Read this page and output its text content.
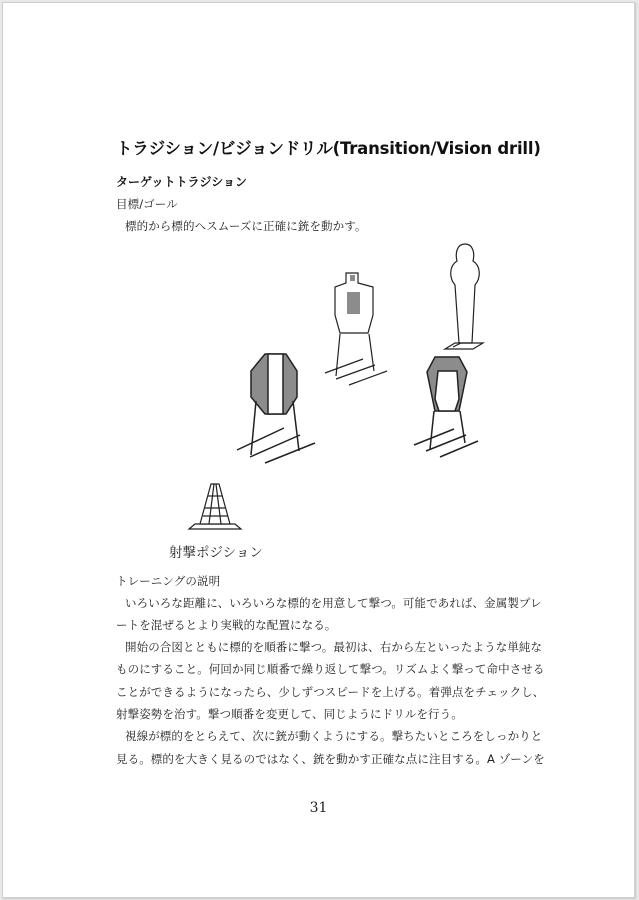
トラジション/ビジョンドリル(Transition/Vision drill)
ターゲットトラジション
目標/ゴール
標的から標的へスムーズに正確に銃を動かす。
射撃ポジション
トレーニングの説明
いろいろな距離に、いろいろな標的を用意して撃つ。可能であれば、金属製プレ
ートを混ぜるとより実戦的な配置になる。
開始の合図とともに標的を順番に撃つ。最初は、右から左といったような単純な
ものにすること。何回か同じ順番で繰り返して撃つ。リズムよく撃って命中させる
ことができるようになったら、少しずつスピードを上げる。着弾点をチェックし、
射撃姿勢を治す。撃つ順番を変更して、同じようにドリルを行う。
視線が標的をとらえて、次に銃が動くようにする。撃ちたいところをしっかりと
見る。標的を大きく見るのではなく、銃を動かす正確な点に注目する。A ゾーンを
31
